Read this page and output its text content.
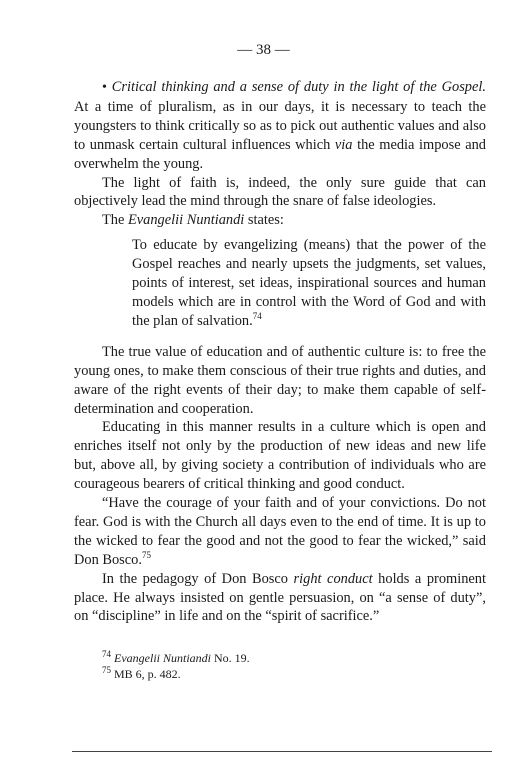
— 38 —

• Critical thinking and a sense of duty in the light of the Gospel. At a time of pluralism, as in our days, it is necessary to teach the youngsters to think critically so as to pick out authentic values and also to unmask certain cultural influences which via the media impose and overwhelm the young.

The light of faith is, indeed, the only sure guide that can objectively lead the mind through the snare of false ideologies.

The Evangelii Nuntiandi states:

To educate by evangelizing (means) that the power of the Gospel reaches and nearly upsets the judgments, set values, points of interest, set ideas, inspirational sources and human models which are in control with the Word of God and with the plan of salvation.$^{74}$

The true value of education and of authentic culture is: to free the young ones, to make them conscious of their true rights and duties, and aware of the right events of their day; to make them capable of self-determination and cooperation.

Educating in this manner results in a culture which is open and enriches itself not only by the production of new ideas and new life but, above all, by giving society a contribution of individuals who are courageous bearers of critical thinking and good conduct.

“Have the courage of your faith and of your convictions. Do not fear. God is with the Church all days even to the end of time. It is up to the wicked to fear the good and not the good to fear the wicked,” said Don Bosco.$^{75}$

In the pedagogy of Don Bosco right conduct holds a prominent place. He always insisted on gentle persuasion, on “a sense of duty”, on “discipline” in life and on the “spirit of sacrifice.”

$^{74}$ Evangelii Nuntiandi No. 19.

$^{75}$ MB 6, p. 482.
